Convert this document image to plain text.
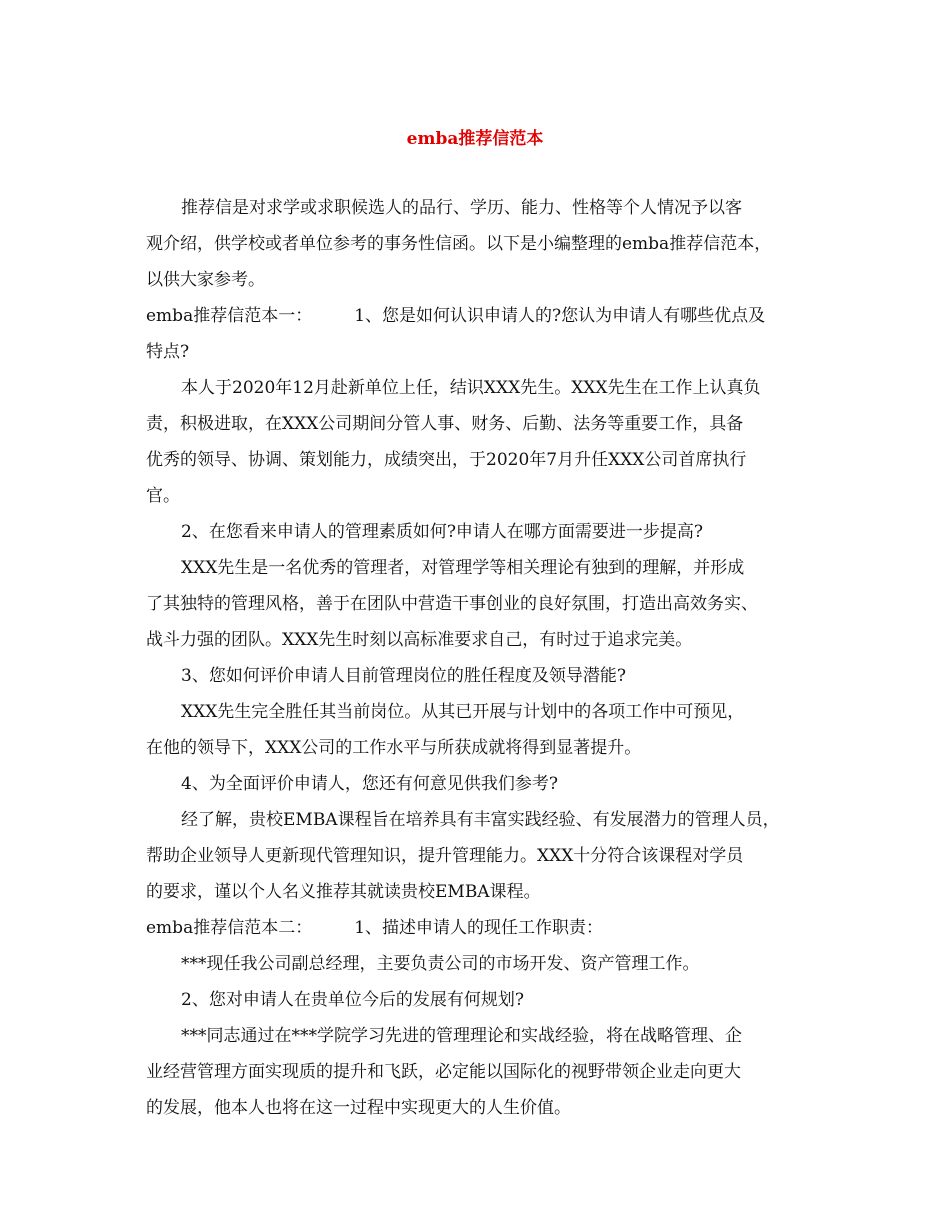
emba推荐信范本
推荐信是对求学或求职候选人的品行、学历、能力、性格等个人情况予以客
观介绍，供学校或者单位参考的事务性信函。以下是小编整理的emba推荐信范本，
以供大家参考。
emba推荐信范本一： 1、您是如何认识申请人的?您认为申请人有哪些优点及
特点?
本人于2020年12月赴新单位上任，结识XXX先生。XXX先生在工作上认真负
责，积极进取，在XXX公司期间分管人事、财务、后勤、法务等重要工作，具备
优秀的领导、协调、策划能力，成绩突出，于2020年7月升任XXX公司首席执行
官。
2、在您看来申请人的管理素质如何?申请人在哪方面需要进一步提高?
XXX先生是一名优秀的管理者，对管理学等相关理论有独到的理解，并形成
了其独特的管理风格，善于在团队中营造干事创业的良好氛围，打造出高效务实、
战斗力强的团队。XXX先生时刻以高标准要求自己，有时过于追求完美。
3、您如何评价申请人目前管理岗位的胜任程度及领导潜能?
XXX先生完全胜任其当前岗位。从其已开展与计划中的各项工作中可预见，
在他的领导下，XXX公司的工作水平与所获成就将得到显著提升。
4、为全面评价申请人，您还有何意见供我们参考?
经了解，贵校EMBA课程旨在培养具有丰富实践经验、有发展潜力的管理人员，
帮助企业领导人更新现代管理知识，提升管理能力。XXX十分符合该课程对学员
的要求，谨以个人名义推荐其就读贵校EMBA课程。
emba推荐信范本二： 1、描述申请人的现任工作职责：
***现任我公司副总经理，主要负责公司的市场开发、资产管理工作。
2、您对申请人在贵单位今后的发展有何规划?
***同志通过在***学院学习先进的管理理论和实战经验，将在战略管理、企
业经营管理方面实现质的提升和飞跃，必定能以国际化的视野带领企业走向更大
的发展，他本人也将在这一过程中实现更大的人生价值。
